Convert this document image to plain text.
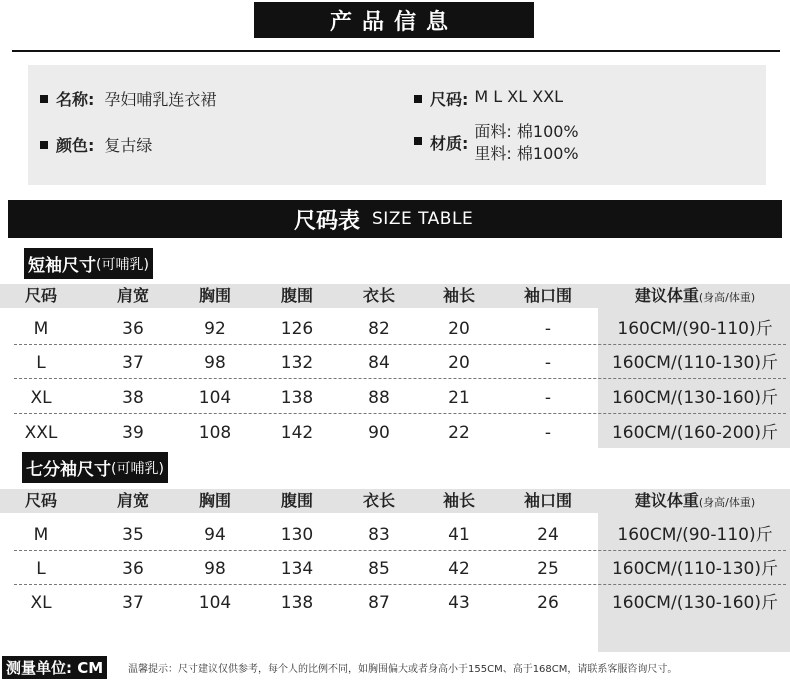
产品信息
名称: 孕妇哺乳连衣裙
颜色: 复古绿
尺码: M L XL XXL
材质:
面料: 棉100%
里料: 棉100%
尺码表 SIZE TABLE
短袖尺寸 (可哺乳)
尺码	肩宽	胸围	腹围	衣长	袖长	袖口围	建议体重(身高/体重)
M	36	92	126	82	20	-	160CM/(90-110)斤
L	37	98	132	84	20	-	160CM/(110-130)斤
XL	38	104	138	88	21	-	160CM/(130-160)斤
XXL	39	108	142	90	22	-	160CM/(160-200)斤
七分袖尺寸 (可哺乳)
尺码	肩宽	胸围	腹围	衣长	袖长	袖口围	建议体重(身高/体重)
M	35	94	130	83	41	24	160CM/(90-110)斤
L	36	98	134	85	42	25	160CM/(110-130)斤
XL	37	104	138	87	43	26	160CM/(130-160)斤
测量单位: CM	温馨提示：尺寸建议仅供参考，每个人的比例不同，如胸围偏大或者身高小于155CM、高于168CM，请联系客服咨询尺寸。
